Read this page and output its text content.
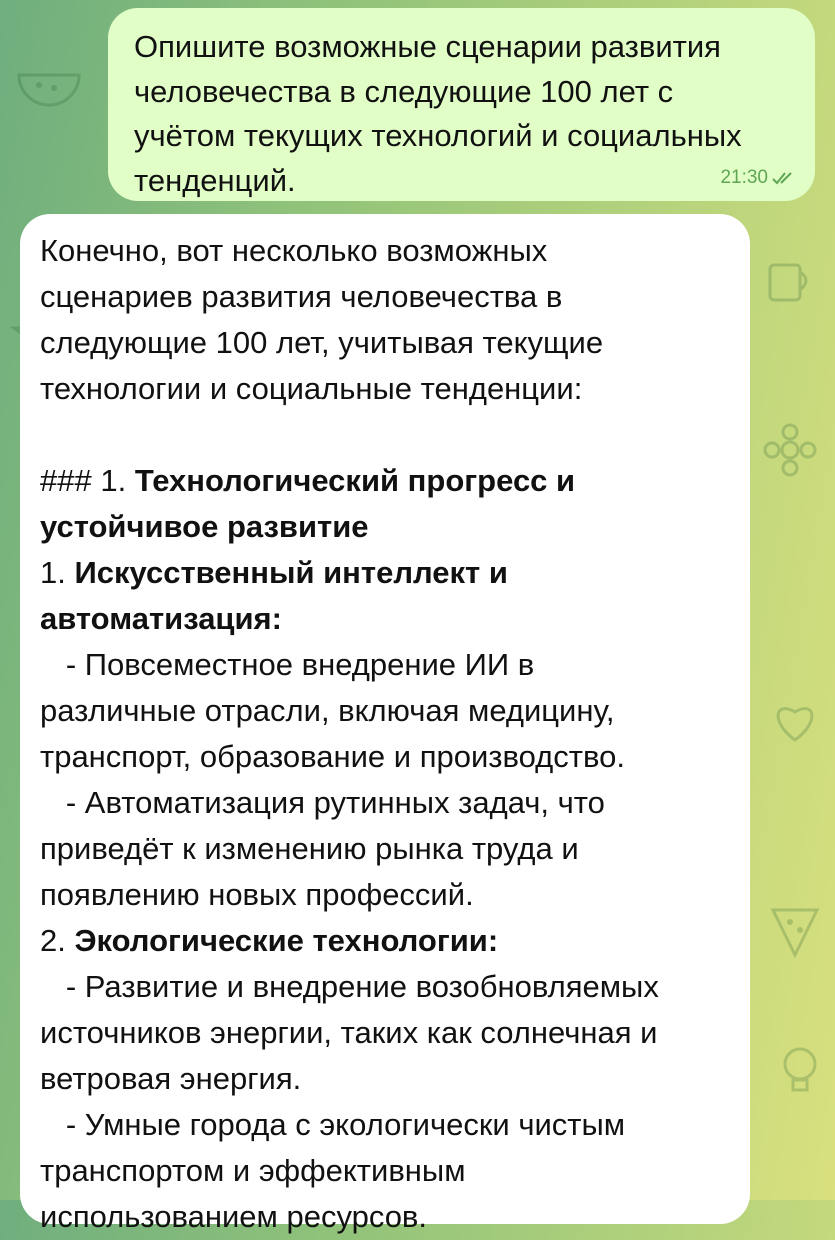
Опишите возможные сценарии развития
человечества в следующие 100 лет с
учётом текущих технологий и социальных
тенденций.	21:30
Конечно, вот несколько возможных
сценариев развития человечества в
следующие 100 лет, учитывая текущие
технологии и социальные тенденции:
### 1. Технологический прогресс и
устойчивое развитие
1. Искусственный интеллект и
автоматизация:
- Повсеместное внедрение ИИ в
различные отрасли, включая медицину,
транспорт, образование и производство.
- Автоматизация рутинных задач, что
приведёт к изменению рынка труда и
появлению новых профессий.
2. Экологические технологии:
- Развитие и внедрение возобновляемых
источников энергии, таких как солнечная и
ветровая энергия.
- Умные города с экологически чистым
транспортом и эффективным
использованием ресурсов.
